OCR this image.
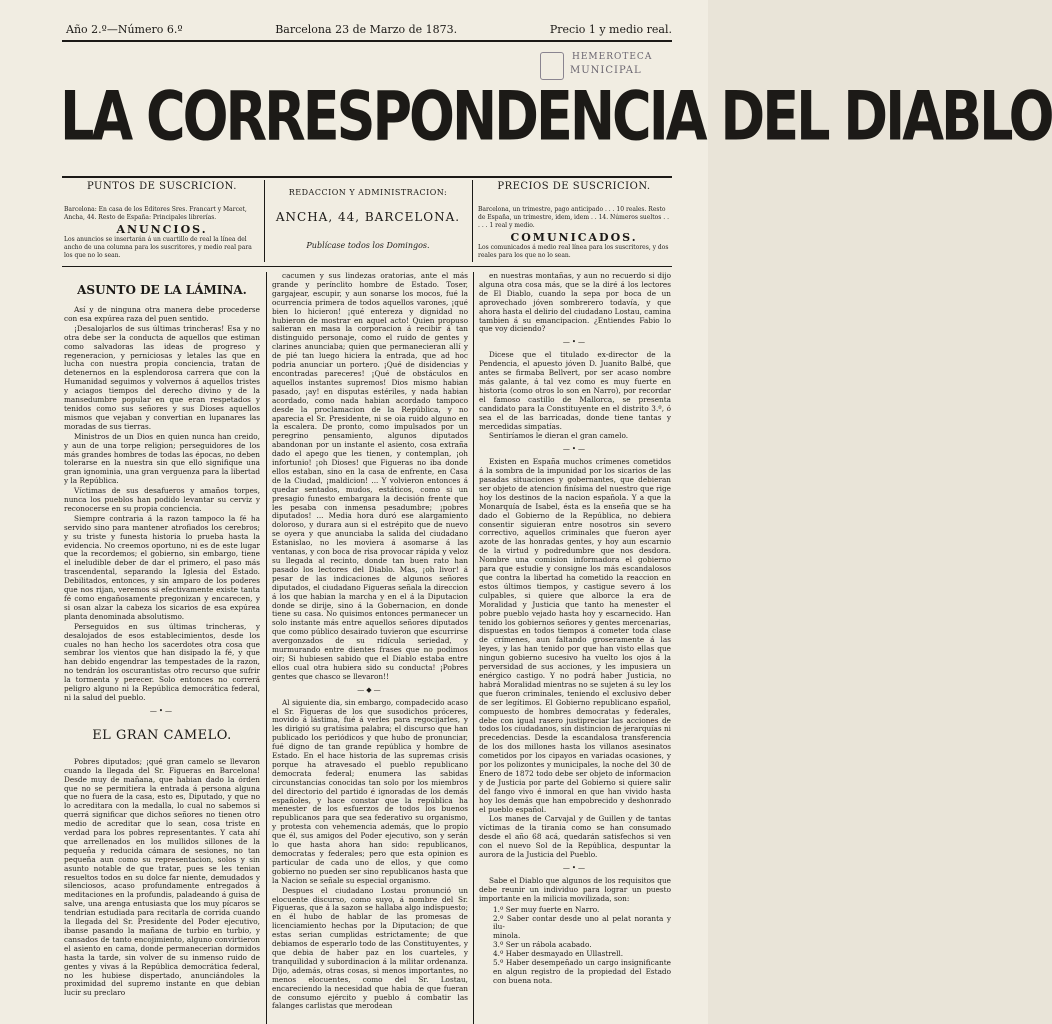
Año 2.º—Número 6.º	Barcelona 23 de Marzo de 1873.	Precio 1 y medio real.
HEMEROTECA
MUNICIPAL
LA CORRESPONDENCIA DEL DIABLO
PUNTOS DE SUSCRICION.
Barcelona: En casa de los Editores Sres. Francart y Marcet, Ancha, 44. Resto de España: Principales librerías.
ANUNCIOS.
Los anuncios se insertarán á un cuartillo de real la línea del ancho de una columna para los suscritores, y medio real para los que no lo sean.
REDACCION Y ADMINISTRACION:
ANCHA, 44, BARCELONA.
Publícase todos los Domingos.
PRECIOS DE SUSCRICION.
Barcelona, un trimestre, pago anticipado . . . 10 reales. Resto de España, un trimestre, idem, idem . . 14. Números sueltos . . . . . 1 real y medio.
COMUNICADOS.
Los comunicados á medio real línea para los suscritores, y dos reales para los que no lo sean.
ASUNTO DE LA LÁMINA.

Así y de ninguna otra manera debe procederse con esa expúrea raza del puen sentido.

¡Desalojarlos de sus últimas trincheras! Esa y no otra debe ser la conducta de aquellos que estiman como salvadoras las ideas de progreso y regeneracion, y perniciosas y letales las que en lucha con nuestra propia conciencia, tratan de detenernos en la esplendorosa carrera que con la Humanidad seguimos y volvernos á aquellos tristes y aciagos tiempos del derecho divino y de la mansedumbre popular en que eran respetados y tenidos como sus señores y sus Dioses aquellos mismos que vejaban y convertian en lupanares las moradas de sus tierras.

Ministros de un Dios en quien nunca han creido, y aun de una torpe religion; perseguidores de los más grandes hombres de todas las épocas, no deben tolerarse en la nuestra sin que ello signifique una gran ignominia, una gran verguenza para la libertad y la República.

Víctimas de sus desafueros y amaños torpes, nunca los pueblos han podido levantar su cerviz y reconocerse en su propia conciencia.

Siempre contraria á la razon tampoco la fé ha servido sino para mantener atrofiados los cerebros; y su triste y funesta historia lo prueba hasta la evidencia. No creemos oportuno, ni es de este lugar que la recordemos; el gobierno, sin embargo, tiene el ineludible deber de dar el primero, el paso más trascendental, separando la Iglesia del Estado. Debilitados, entonces, y sin amparo de los poderes que nos rijan, veremos si efectivamente existe tanta fé como engañosamente pregonizan y encarecen, y si osan alzar la cabeza los sicarios de esa expúrea planta denominada absolutismo.

Perseguidos en sus últimas trincheras, y desalojados de esos establecimientos, desde los cuales no han hecho los sacerdotes otra cosa que sembrar los vientos que han disipado la fé, y que han debido engendrar las tempestades de la razon, no tendrán los oscurantistas otro recurso que sufrir la tormenta y perecer. Solo entonces no correrá peligro alguno ni la República democrática federal, ni la salud del pueblo.

—•—
EL GRAN CAMELO.

Pobres diputados; ¡qué gran camelo se llevaron cuando la llegada del Sr. Figueras en Barcelona! Desde muy de mañana, que habian dado la órden que no se permitiera la entrada á persona alguna que no fuera de la casa, esto es, Diputado, y que no lo acreditara con la medalla, lo cual no sabemos si querrá significar que dichos señores no tienen otro medio de acreditar que lo sean, cosa triste en verdad para los pobres representantes. Y cata ahí que arrellenados en los mullidos sillones de la pequeña y reducida cámara de sesiones, no tan pequeña aun como su representacion, solos y sin asunto notable de que tratar, pues se les tenian resueltos todos en su dolce far niente, demudados y silenciosos, acaso profundamente entregados á meditaciones en la profundis, paladeando á guisa de salve, una arenga entusiasta que los muy pícaros se tendrian estudiada para recitarla de corrida cuando la llegada del Sr. Presidente del Poder ejecutivo, ibanse pasando la mañana de turbio en turbio, y cansados de tanto encojimiento, alguno convirtieron el asiento en cama, donde permanecerian dormidos hasta la tarde, sin volver de su inmenso ruido de gentes y vivas á la República democrática federal, no les hubiese dispertado, anunciándoles la proximidad del supremo instante en que debian lucir su preclaro

cacumen y sus lindezas oratorias, ante el más grande y perínclito hombre de Estado. Toser, gargajear, escupir, y aun sonarse los mocos, fué la ocurrencia primera de todos aquellos varones, ¡qué bien lo hicieron! ¡qué entereza y dignidad no hubieron de mostrar en aquel acto! Quien propuso salieran en masa la corporacion á recibir á tan distinguido personaje, como el ruido de gentes y clarines anunciaba; quien que permanecieran allí y de pié tan luego hiciera la entrada, que ad hoc podria anunciar un portero. ¡Qué de disidencias y encontradas pareceres! ¡Qué de obstáculos en aquellos instantes supremos! Dios mismo habian pasado, ¡ay! en disputas estériles, y nada habian acordado, como nada habian acordado tampoco desde la proclamacion de la República, y no aparecia el Sr. Presidente, ni se oia ruido alguno en la escalera. De pronto, como impulsados por un peregrino pensamiento, algunos diputados abandonan por un instante el asiento, cosa extraña dado el apego que les tienen, y contemplan, ¡oh infortunio! ¡oh Dioses! que Figueras no iba donde ellos estaban, sino en la casa de enfrente, en Casa de la Ciudad, ¡maldicion! ... Y volvieron entonces á quedar sentados, mudos, estáticos, como si un presagio funesto embargara la decisión frente que les pesaba con inmensa pesadumbre; ¡pobres diputados! ... Media hora duró ese alargamiento doloroso, y durara aun si el estrépito que de nuevo se oyera y que anunciaba la salida del ciudadano Estanislao, no les moviera á asomarse á las ventanas, y con boca de risa provocar rápida y veloz su llegada al recinto, donde tan buen rato han pasado los lectores del Diablo. Mas, ¡oh livor! á pesar de las indicaciones de algunos señores diputados, el ciudadano Figueras señala la direccion á los que habian la marcha y en el á la Diputacion donde se dirije, sino á la Gobernacion, en donde tiene su casa. No quisimos entonces permanecer un solo instante más entre aquellos señores diputados que como público desairado tuvieron que escurrirse avergonzados de su ridícula seriedad, y murmurando entre dientes frases que no podimos oir; Si hubiesen sabido que el Diablo estaba entre ellos cual otra hubiera sido su conducta! ¡Pobres gentes que chasco se llevaron!!

—◆—

Al siguiente dia, sin embargo, compadecido acaso el Sr. Figueras de los que susodichos próceres, movido á lástima, fué á verles para regocijarles, y les dirigió su gratísima palabra; el discurso que han publicado los periódicos y que hubo de pronunciar, fué digno de tan grande república y hombre de Estado. En el hace historia de las supremas crisis porque ha atravesado el pueblo republicano democrata federal; enumera las sabidas circunstancias conocidas tan solo por los miembros del directorio del partido é ignoradas de los demás españoles, y hace constar que la república ha menester de los esfuerzos de todos los buenos republicanos para que sea federativo su organismo, y protesta con vehemencia además, que lo propio que él, sus amigos del Poder ejecutivo, son y serán lo que hasta ahora han sido: republicanos, democratas y federales; pero que esta opinion es particular de cada uno de ellos, y que como gobierno no pueden ser sino republicanos hasta que la Nacion se señale su especial organismo.

Despues el ciudadano Lostau pronunció un elocuente discurso, como suyo, á nombre del Sr. Figueras, que á la sazon se hallaba algo indispuesto; en él hubo de hablar de las promesas de licenciamiento hechas por la Diputacion; de que estas serian cumplidas estrictamente; de que debiamos de esperarlo todo de las Constituyentes, y que debia de haber paz en los cuarteles, y tranquilidad y subordinacion á la militar ordenanza. Dijo, además, otras cosas, si menos importantes, no menos elocuentes, como del Sr. Lostau, encareciendo la necesidad que habia de que fueran de consumo ejército y pueblo á combatir las falanges carlistas que merodean

en nuestras montañas, y aun no recuerdo si dijo alguna otra cosa más, que se la diré á los lectores de El Diablo, cuando la sepa por boca de un aprovechado jóven sombrerero todavía, y que ahora hasta el delirio del ciudadano Lostau, camina tambien á su emancipacion. ¿Entiendes Fabio lo que voy diciendo?

—•—

Dicese que el titulado ex-director de la Pendencia, el apuesto jóven D. Juanito Balbé, que antes se firmaba Bellvert, por ser acaso nombre más galante, á tal vez como es muy fuerte en historia (como otros lo son en Narro), por recordar el famoso castillo de Mallorca, se presenta candidato para la Constituyente en el distrito 3.º, ó sea el de las barricadas, donde tiene tantas y mercedidas simpatías.

Sentiríamos le dieran el gran camelo.

—•—

Existen en España muchos crímenes cometidos á la sombra de la impunidad por los sicarios de las pasadas situaciones y gobernantes, que debieran ser objeto de atencion finísima del nuestro que rige hoy los destinos de la nacion española. Y a que la Monarquía de Isabel, ésta es la enseña que se ha dado el Gobierno de la República, no debiera consentir siguieran entre nosotros sin severo correctivo, aquellos criminales que fueron ayer azote de las honradas gentes, y hoy aun escarnio de la virtud y podredumbre que nos desdora. Nombre una comision informadora el gobierno para que estudie y consigne los más escandalosos que contra la libertad ha cometido la reaccion en estos últimos tiempos, y castigue severo á los culpables, si quiere que alborce la era de Moralidad y Justicia que tanto ha menester el pobre pueblo vejado hasta hoy y escarnecido. Han tenido los gobiernos señores y gentes mercenarias, dispuestas en todos tiempos á cometer toda clase de crímenes, aun faltando groseramente á las leyes, y las han tenido por que han visto ellas que ningun gobierno sucesivo ha vuelto los ojos á la perversidad de sus acciones, y les impusiera un enérgico castigo. Y no podrá haber Justicia, no habrá Moralidad mientras no se sujeten á su ley los que fueron criminales, teniendo el exclusivo deber de ser legítimos. El Gobierno republicano español, compuesto de hombres democratas y federales, debe con igual rasero justipreciar las acciones de todos los ciudadanos, sin distincion de jerarquías ni precedencias. Desde la escandalosa transferencia de los dos millones hasta los villanos asesinatos cometidos por los cipayos en variadas ocasiones, y por los polizontes y municipales, la noche del 30 de Enero de 1872 todo debe ser objeto de informacion y de Justicia por parte del Gobierno si quiere salir del fango vivo é inmoral en que han vivido hasta hoy los demás que han empobrecido y deshonrado el pueblo español.

Los manes de Carvajal y de Guillen y de tantas víctimas de la tirania como se han consumado desde el año 68 acá, quedarán satisfechos si ven con el nuevo Sol de la República, despuntar la aurora de la Justicia del Pueblo.

—•—

Sabe el Diablo que algunos de los requisitos que debe reunir un individuo para lograr un puesto importante en la milicia movilizada, son:

1.º Ser muy fuerte en Narro.
2.º Saber contar desde uno al pelat noranta y ilu-
minola.
3.º Ser un rábola acabado.
4.º Haber desmayado en Ullastrell.
5.º Haber desempeñado un cargo insignificante en algun registro de la propiedad del Estado con buena nota.
